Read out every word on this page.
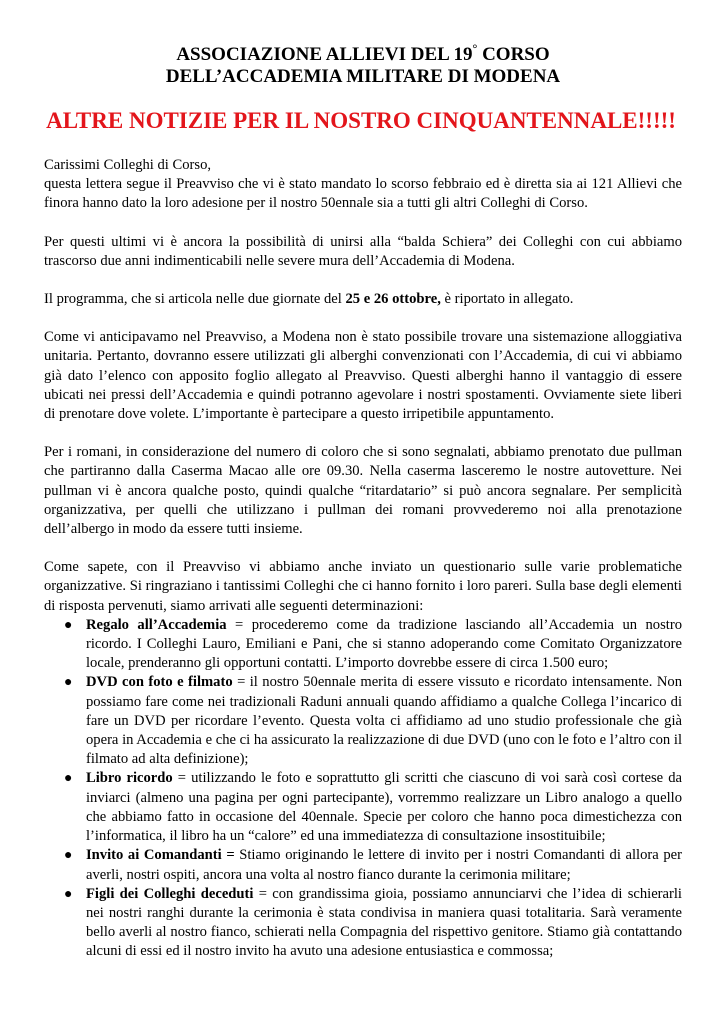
ASSOCIAZIONE ALLIEVI DEL 19° CORSO
DELL’ACCADEMIA MILITARE DI MODENA
ALTRE NOTIZIE PER IL NOSTRO CINQUANTENNALE!!!!!

Carissimi Colleghi di Corso,

questa lettera segue il Preavviso che vi è stato mandato lo scorso febbraio ed è diretta sia ai 121 Allievi che finora hanno dato la loro adesione per il nostro 50ennale sia a tutti gli altri Colleghi di Corso.

Per questi ultimi vi è ancora la possibilità di unirsi alla “balda Schiera” dei Colleghi con cui abbiamo trascorso due anni indimenticabili nelle severe mura dell’Accademia di Modena.

Il programma, che si articola nelle due giornate del 25 e 26 ottobre, è riportato in allegato.

Come vi anticipavamo nel Preavviso, a Modena non è stato possibile trovare una sistemazione alloggiativa unitaria. Pertanto, dovranno essere utilizzati gli alberghi convenzionati con l’Accademia, di cui vi abbiamo già dato l’elenco con apposito foglio allegato al Preavviso. Questi alberghi hanno il vantaggio di essere ubicati nei pressi dell’Accademia e quindi potranno agevolare i nostri spostamenti. Ovviamente siete liberi di prenotare dove volete. L’importante è partecipare a questo irripetibile appuntamento.

Per i romani, in considerazione del numero di coloro che si sono segnalati, abbiamo prenotato due pullman che partiranno dalla Caserma Macao alle ore 09.30. Nella caserma lasceremo le nostre autovetture. Nei pullman vi è ancora qualche posto, quindi qualche “ritardatario” si può ancora segnalare. Per semplicità organizzativa, per quelli che utilizzano i pullman dei romani provvederemo noi alla prenotazione dell’albergo in modo da essere tutti insieme.

Come sapete, con il Preavviso vi abbiamo anche inviato un questionario sulle varie problematiche organizzative. Si ringraziano i tantissimi Colleghi che ci hanno fornito i loro pareri. Sulla base degli elementi di risposta pervenuti, siamo arrivati alle seguenti determinazioni:

● Regalo all’Accademia = procederemo come da tradizione lasciando all’Accademia un nostro ricordo. I Colleghi Lauro, Emiliani e Pani, che si stanno adoperando come Comitato Organizzatore locale, prenderanno gli opportuni contatti. L’importo dovrebbe essere di circa 1.500 euro;
● DVD con foto e filmato = il nostro 50ennale merita di essere vissuto e ricordato intensamente. Non possiamo fare come nei tradizionali Raduni annuali quando affidiamo a qualche Collega l’incarico di fare un DVD per ricordare l’evento. Questa volta ci affidiamo ad uno studio professionale che già opera in Accademia e che ci ha assicurato la realizzazione di due DVD (uno con le foto e l’altro con il filmato ad alta definizione);
● Libro ricordo = utilizzando le foto e soprattutto gli scritti che ciascuno di voi sarà così cortese da inviarci (almeno una pagina per ogni partecipante), vorremmo realizzare un Libro analogo a quello che abbiamo fatto in occasione del 40ennale. Specie per coloro che hanno poca dimestichezza con l’informatica, il libro ha un “calore” ed una immediatezza di consultazione insostituibile;
● Invito ai Comandanti = Stiamo originando le lettere di invito per i nostri Comandanti di allora per averli, nostri ospiti, ancora una volta al nostro fianco durante la cerimonia militare;
● Figli dei Colleghi deceduti = con grandissima gioia, possiamo annunciarvi che l’idea di schierarli nei nostri ranghi durante la cerimonia è stata condivisa in maniera quasi totalitaria. Sarà veramente bello averli al nostro fianco, schierati nella Compagnia del rispettivo genitore. Stiamo già contattando alcuni di essi ed il nostro invito ha avuto una adesione entusiastica e commossa;
